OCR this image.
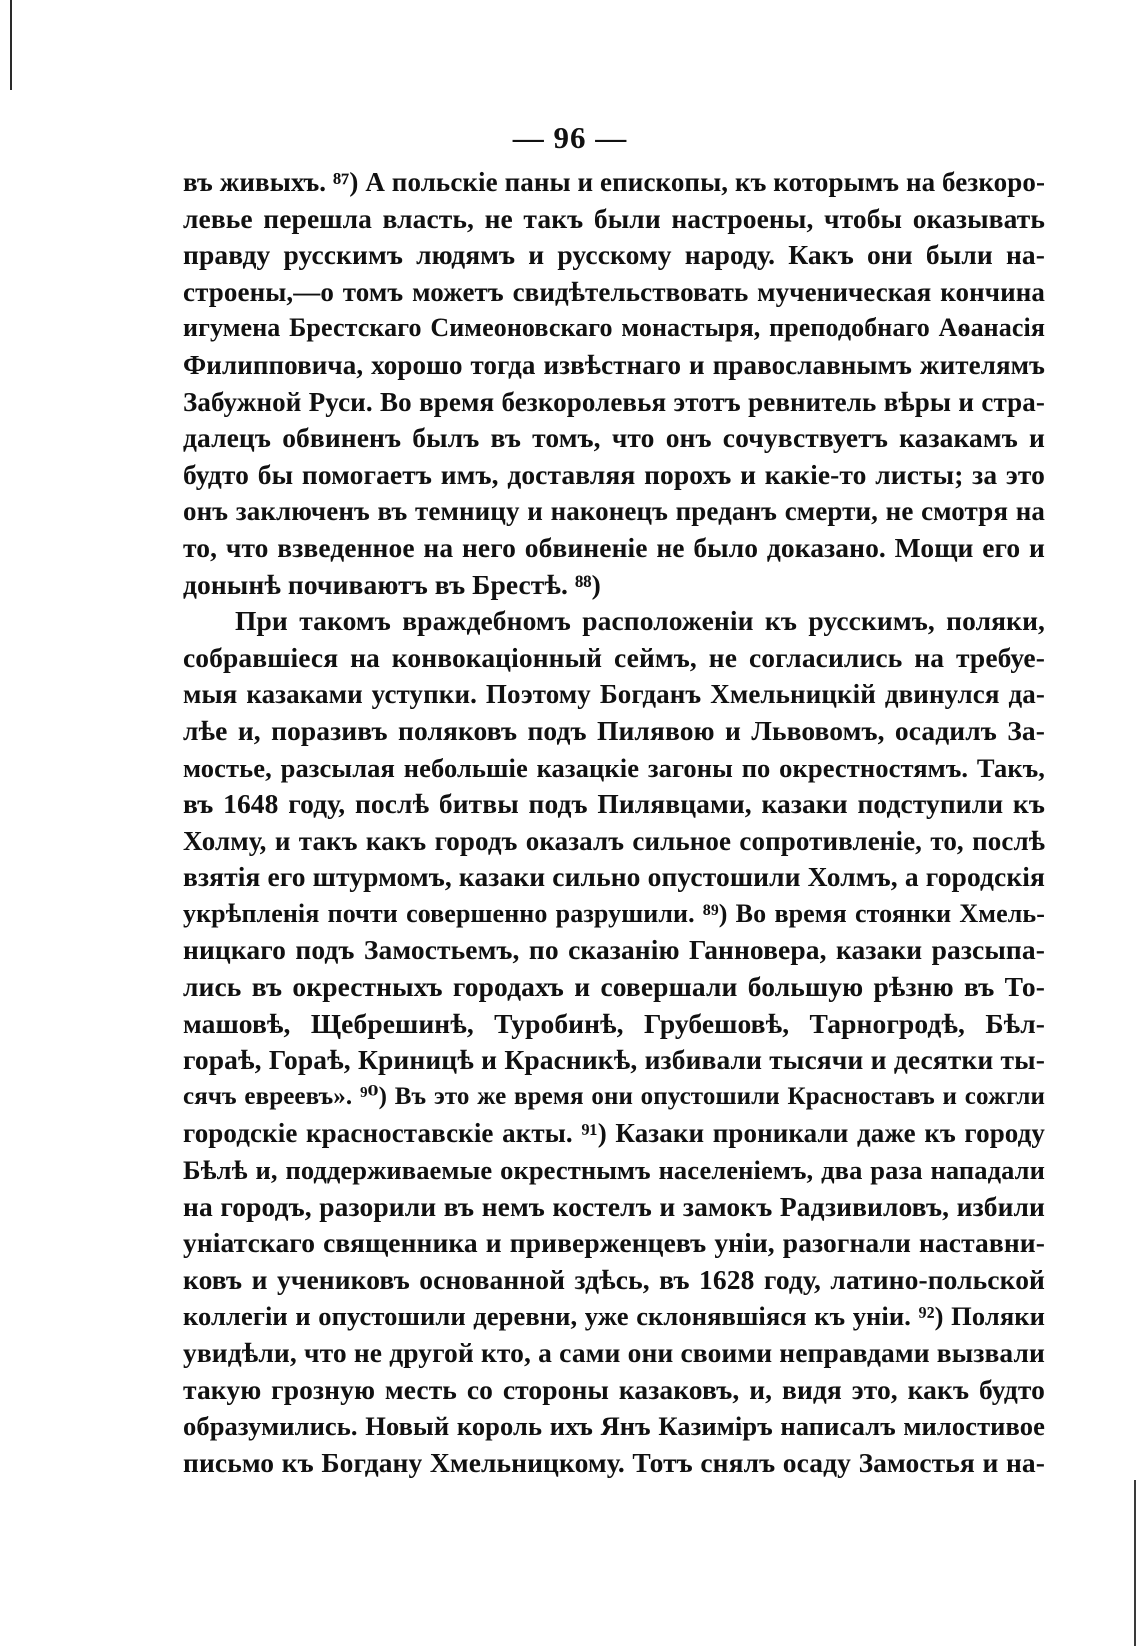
— 96 —
въ живыхъ. ⁸⁷) А польскіе паны и епископы, къ которымъ на безкоро-
левье перешла власть, не такъ были настроены, чтобы оказывать
правду русскимъ людямъ и русскому народу. Какъ они были на-
строены,—о томъ можетъ свидѣтельствовать мученическая кончина
игумена Брестскаго Симеоновскаго монастыря, преподобнаго Аѳанасія
Филипповича, хорошо тогда извѣстнаго и православнымъ жителямъ
Забужной Руси. Во время безкоролевья этотъ ревнитель вѣры и стра-
далецъ обвиненъ былъ въ томъ, что онъ сочувствуетъ казакамъ и
будто бы помогаетъ имъ, доставляя порохъ и какіе-то листы; за это
онъ заключенъ въ темницу и наконецъ преданъ смерти, не смотря на
то, что взведенное на него обвиненіе не было доказано. Мощи его и
донынѣ почиваютъ въ Брестѣ. ⁸⁸)
При такомъ враждебномъ расположеніи къ русскимъ, поляки,
собравшіеся на конвокаціонный сеймъ, не согласились на требуе-
мыя казаками уступки. Поэтому Богданъ Хмельницкій двинулся да-
лѣе и, поразивъ поляковъ подъ Пилявою и Львовомъ, осадилъ За-
мостье, разсылая небольшіе казацкіе загоны по окрестностямъ. Такъ,
въ 1648 году, послѣ битвы подъ Пилявцами, казаки подступили къ
Холму, и такъ какъ городъ оказалъ сильное сопротивленіе, то, послѣ
взятія его штурмомъ, казаки сильно опустошили Холмъ, а городскія
укрѣпленія почти совершенно разрушили. ⁸⁹) Во время стоянки Хмель-
ницкаго подъ Замостьемъ, по сказанію Ганновера, казаки разсыпа-
лись въ окрестныхъ городахъ и совершали большую рѣзню въ То-
машовѣ, Щебрешинѣ, Туробинѣ, Грубешовѣ, Тарногродѣ, Бѣл-
гораѣ, Гораѣ, Криницѣ и Красникѣ, избивали тысячи и десятки ты-
сячъ евреевъ». ⁹⁰) Въ это же время они опустошили Красноставъ и сожгли
городскіе красноставскіе акты. ⁹¹) Казаки проникали даже къ городу
Бѣлѣ и, поддерживаемые окрестнымъ населеніемъ, два раза нападали
на городъ, разорили въ немъ костелъ и замокъ Радзивиловъ, избили
уніатскаго священника и приверженцевъ уніи, разогнали наставни-
ковъ и учениковъ основанной здѣсь, въ 1628 году, латино-польской
коллегіи и опустошили деревни, уже склонявшіяся къ уніи. ⁹²) Поляки
увидѣли, что не другой кто, а сами они своими неправдами вызвали
такую грозную месть со стороны казаковъ, и, видя это, какъ будто
образумились. Новый король ихъ Янъ Казиміръ написалъ милостивое
письмо къ Богдану Хмельницкому. Тотъ снялъ осаду Замостья и на-
